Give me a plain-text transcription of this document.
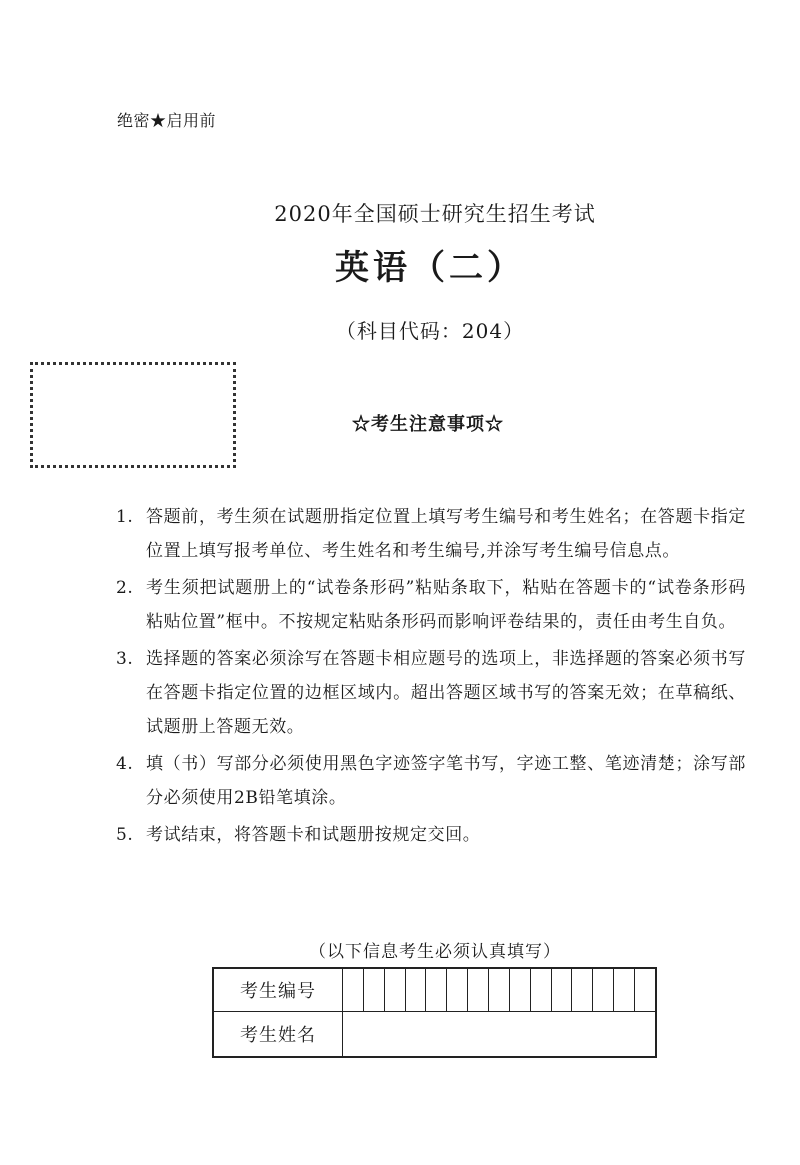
绝密★启用前
2020年全国硕士研究生招生考试
英语（二）
（科目代码：204）
☆考生注意事项☆
1. 答题前，考生须在试题册指定位置上填写考生编号和考生姓名；在答题卡指定位置上填写报考单位、考生姓名和考生编号,并涂写考生编号信息点。
2. 考生须把试题册上的“试卷条形码”粘贴条取下，粘贴在答题卡的“试卷条形码粘贴位置”框中。不按规定粘贴条形码而影响评卷结果的，责任由考生自负。
3. 选择题的答案必须涂写在答题卡相应题号的选项上，非选择题的答案必须书写在答题卡指定位置的边框区域内。超出答题区域书写的答案无效；在草稿纸、试题册上答题无效。
4. 填（书）写部分必须使用黑色字迹签字笔书写，字迹工整、笔迹清楚；涂写部分必须使用2B铅笔填涂。
5. 考试结束，将答题卡和试题册按规定交回。
（以下信息考生必须认真填写）
考生编号															
考生姓名															
